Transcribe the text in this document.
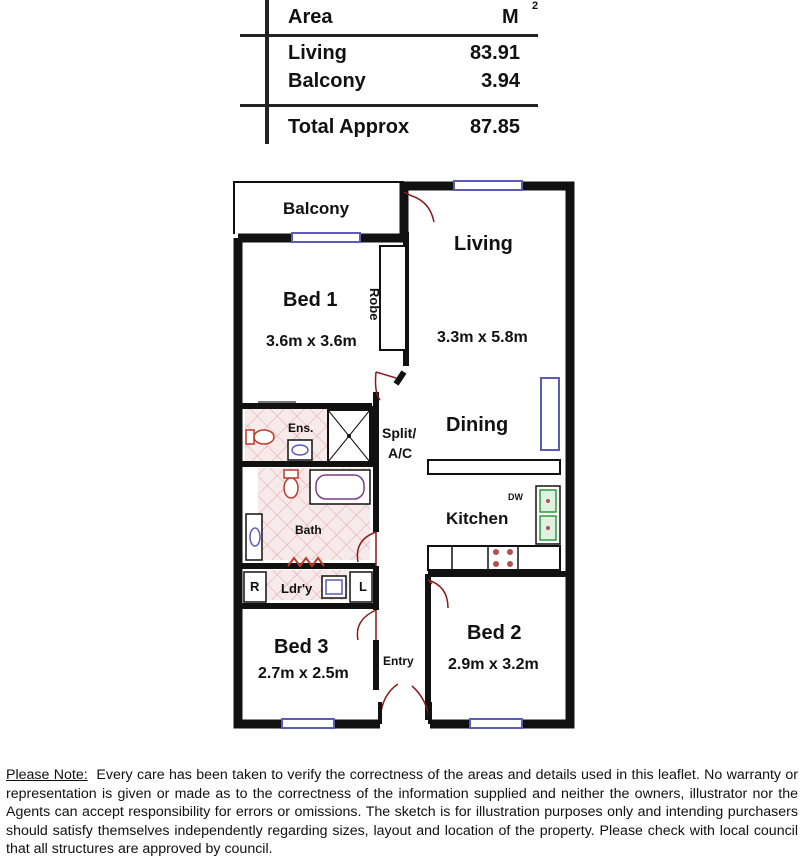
Area	M 2
Living	83.91
Balcony	3.94
Total Approx	87.85
Balcony
Living
3.3m x 5.8m
Bed 1
3.6m x 3.6m
Robe
Ens.	Split/
A/C
Dining
DW
Kitchen
Bath
R Ldr'y	L
Bed 2
2.9m x 3.2m
Bed 3
2.7m x 2.5m
Entry
Please Note: Every care has been taken to verify the correctness of the areas and details used in this leaflet. No warranty or representation is given or made as to the correctness of the information supplied and neither the owners, illustrator nor the Agents can accept responsibility for errors or omissions. The sketch is for illustration purposes only and intending purchasers should satisfy themselves independently regarding sizes, layout and location of the property. Please check with local council that all structures are approved by council.
